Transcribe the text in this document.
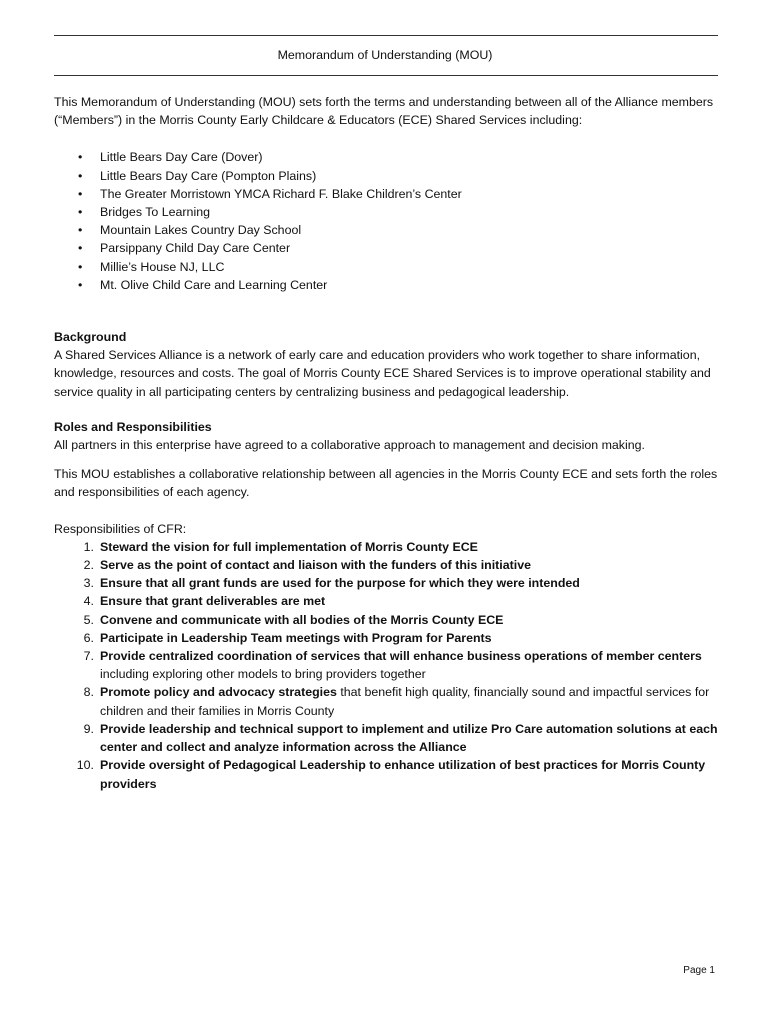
Memorandum of Understanding (MOU)

This Memorandum of Understanding (MOU) sets forth the terms and understanding between all of the Alliance members (“Members”) in the Morris County Early Childcare & Educators (ECE) Shared Services including:

• Little Bears Day Care (Dover)
• Little Bears Day Care (Pompton Plains)
• The Greater Morristown YMCA Richard F. Blake Children’s Center
• Bridges To Learning
• Mountain Lakes Country Day School
• Parsippany Child Day Care Center
• Millie’s House NJ, LLC
• Mt. Olive Child Care and Learning Center

Background

A Shared Services Alliance is a network of early care and education providers who work together to share information, knowledge, resources and costs. The goal of Morris County ECE Shared Services is to improve operational stability and service quality in all participating centers by centralizing business and pedagogical leadership.

Roles and Responsibilities

All partners in this enterprise have agreed to a collaborative approach to management and decision making.

This MOU establishes a collaborative relationship between all agencies in the Morris County ECE and sets forth the roles and responsibilities of each agency.

Responsibilities of CFR:

1. Steward the vision for full implementation of Morris County ECE
2. Serve as the point of contact and liaison with the funders of this initiative
3. Ensure that all grant funds are used for the purpose for which they were intended
4. Ensure that grant deliverables are met
5. Convene and communicate with all bodies of the Morris County ECE
6. Participate in Leadership Team meetings with Program for Parents
7. Provide centralized coordination of services that will enhance business operations of member centers including exploring other models to bring providers together
8. Promote policy and advocacy strategies that benefit high quality, financially sound and impactful services for children and their families in Morris County
9. Provide leadership and technical support to implement and utilize Pro Care automation solutions at each center and collect and analyze information across the Alliance
10. Provide oversight of Pedagogical Leadership to enhance utilization of best practices for Morris County providers
Page 1
